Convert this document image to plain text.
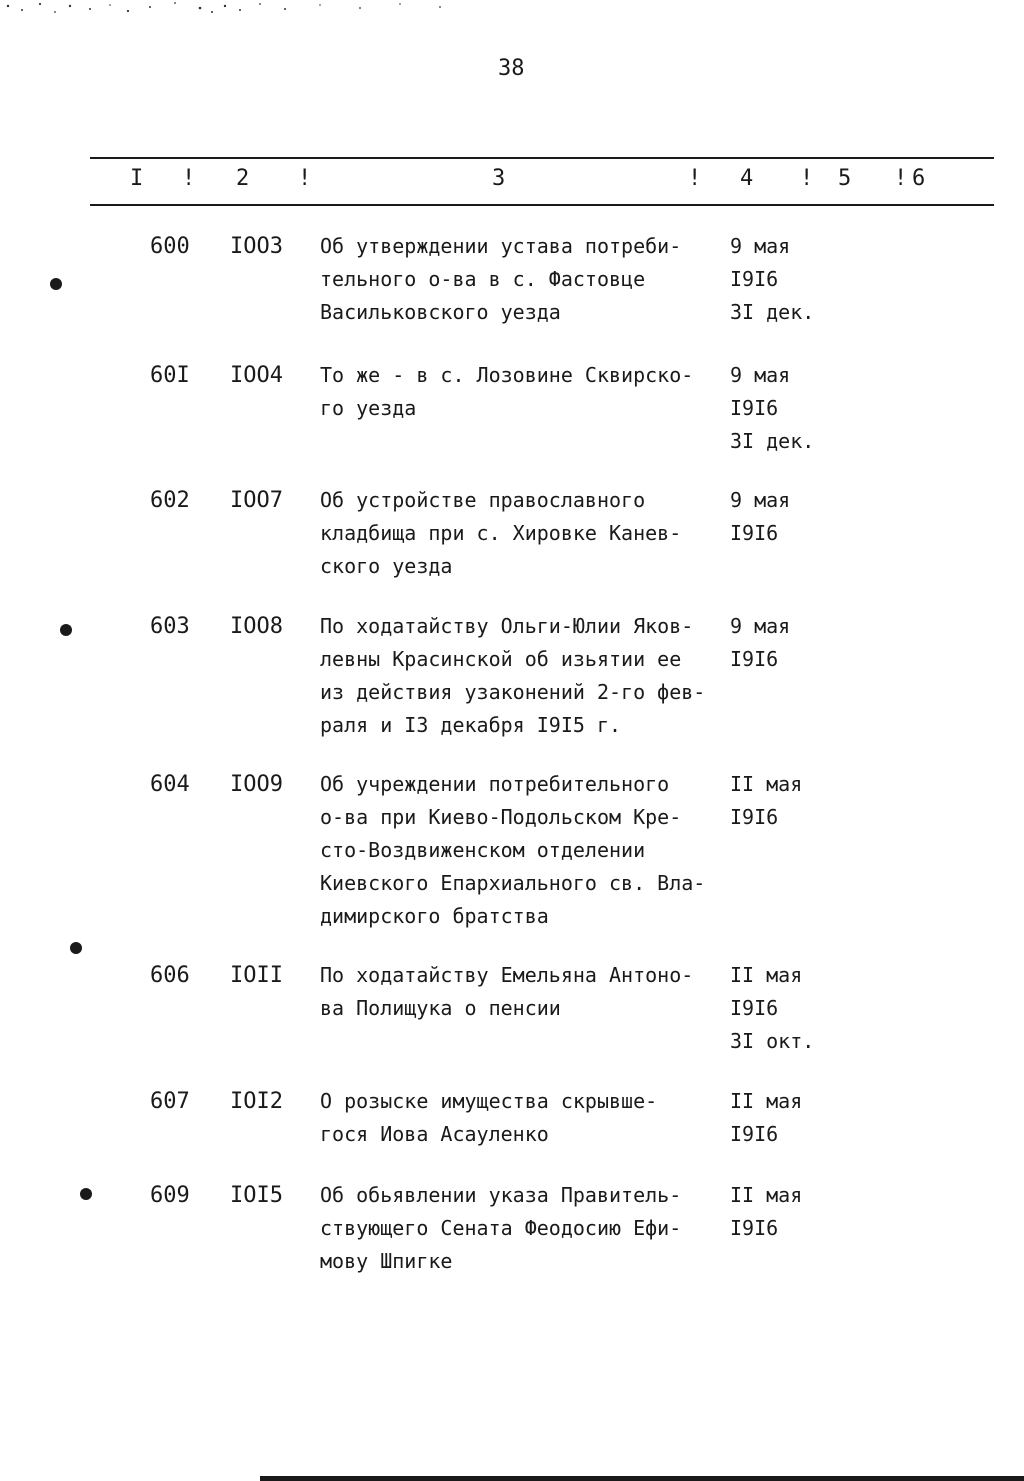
38
I ! 2 !	3	! 4 ! 5 ! 6
600 IOO3 Об утверждении устава потреби-
тельного о-ва в с. Фастовце
Васильковского уезда
9 мая
I9I6
3I дек.
60I IOO4 То же - в с. Лозовине Сквирско-
го уезда
9 мая
I9I6
3I дек.
602 IOO7 Об устройстве православного
кладбища при с. Хировке Канев-
ского уезда
9 мая
I9I6
603 IOO8 По ходатайству Ольги-Юлии Яков-
левны Красинской об изьятии ее
из действия узаконений 2-го фев-
раля и I3 декабря I9I5 г.
9 мая
I9I6
604 IOO9 Об учреждении потребительного
о-ва при Киево-Подольском Кре-
сто-Воздвиженском отделении
Киевского Епархиального св. Вла-
димирского братства
II мая
I9I6
606 IOII По ходатайству Емельяна Антоно-
ва Полищука о пенсии
II мая
I9I6
3I окт.
607 IOI2 О розыске имущества скрывше-
гося Иова Асауленко
II мая
I9I6
609 IOI5 Об обьявлении указа Правитель-
ствующего Сената Феодосию Ефи-
мову Шпигке
II мая
I9I6
